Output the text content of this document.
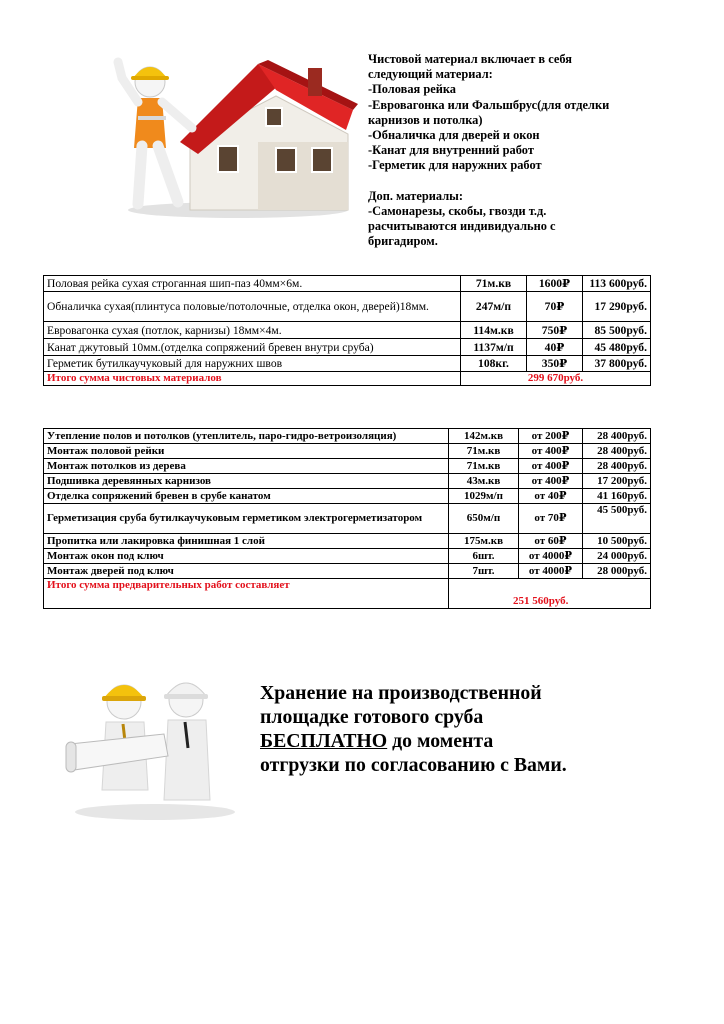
Чистовой материал включает в себя
следующий материал:
-Половая рейка
-Евровагонка или Фальшбрус(для отделки
карнизов и потолка)
-Обналичка для дверей и окон
-Канат для внутренний работ
-Герметик для наружних работ
Доп. материалы:
-Самонарезы, скобы, гвозди т.д.
расчитываются индивидуально с
бригадиром.
Половая рейка сухая строганная шип-паз 40мм×6м.	71м.кв	1600₽	113 600руб.
Обналичка сухая(плинтуса половые/потолочные, отделка окон, дверей)18мм.	247м/п	70₽	17 290руб.
Евровагонка сухая (потлок, карнизы) 18мм×4м.	114м.кв	750₽	85 500руб.
Канат джутовый 10мм.(отделка сопряжений бревен внутри сруба)	1137м/п	40₽	45 480руб.
Герметик бутилкаучуковый для наружних швов	108кг.	350₽	37 800руб.
Итого сумма чистовых материалов	299 670руб.		
Утепление полов и потолков (утеплитель, паро-гидро-ветроизоляция)	142м.кв	от 200₽	28 400руб.
Монтаж половой рейки	71м.кв	от 400₽	28 400руб.
Монтаж потолков из дерева	71м.кв	от 400₽	28 400руб.
Подшивка деревянных карнизов	43м.кв	от 400₽	17 200руб.
Отделка сопряжений бревен в срубе канатом	1029м/п	от 40₽	41 160руб.
Герметизация сруба бутилкаучуковым герметиком электрогерметизатором	650м/п	от 70₽	45 500руб.
Пропитка или лакировка финишная 1 слой	175м.кв	от 60₽	10 500руб.
Монтаж окон под ключ	6шт.	от 4000₽	24 000руб.
Монтаж дверей под ключ	7шт.	от 4000₽	28 000руб.
Итого сумма предварительных работ составляет	251 560руб.		
Хранение на производственной
площадке готового сруба
БЕСПЛАТНО до момента
отгрузки по согласованию с Вами.
